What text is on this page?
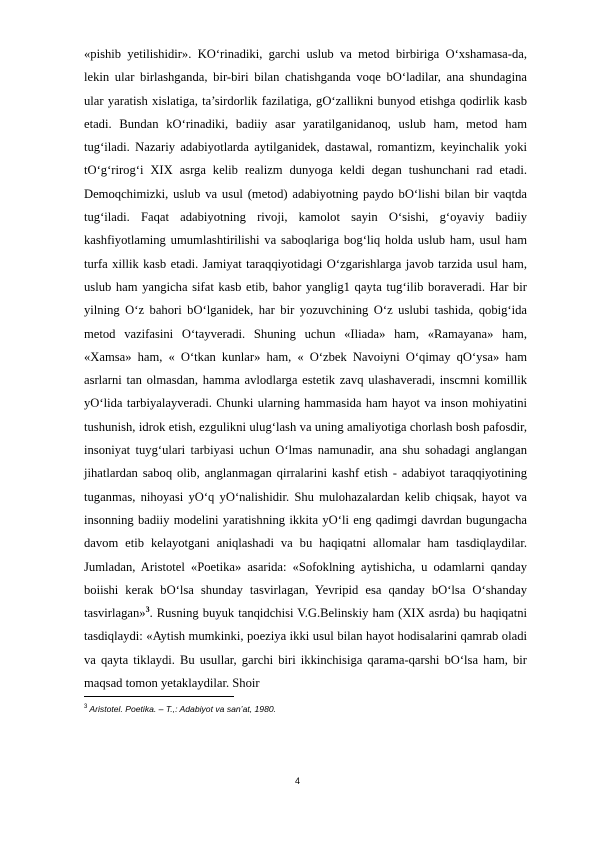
«pishib yetilishidir». KO‘rinadiki, garchi uslub va metod birbiriga O‘xshamasa-da, lekin ular birlashganda, bir-biri bilan chatishganda voqe bO‘ladilar, ana shundagina ular yaratish xislatiga, ta’sirdorlik fazilatiga, gO‘zallikni bunyod etishga qodirlik kasb etadi. Bundan kO‘rinadiki, badiiy asar yaratilganidanoq, uslub ham, metod ham tug‘iladi. Nazariy adabiyotlarda aytilganidek, dastawal, romantizm, keyinchalik yoki tO‘g‘rirog‘i XIX asrga kelib realizm dunyoga keldi degan tushunchani rad etadi. Demoqchimizki, uslub va usul (metod) adabiyotning paydo bO‘lishi bilan bir vaqtda tug‘iladi. Faqat adabiyotning rivoji, kamolot sayin O‘sishi, g‘oyaviy badiiy kashfiyotlaming umumlashtirilishi va saboqlariga bog‘liq holda uslub ham, usul ham turfa xillik kasb etadi. Jamiyat taraqqiyotidagi O‘zgarishlarga javob tarzida usul ham, uslub ham yangicha sifat kasb etib, bahor yanglig1 qayta tug‘ilib boraveradi. Har bir yilning O‘z bahori bO‘lganidek, har bir yozuvchining O‘z uslubi tashida, qobig‘ida metod vazifasini O‘tayveradi. Shuning uchun «Iliada» ham, «Ramayana» ham, «Xamsa» ham, « O‘tkan kunlar» ham, « O‘zbek Navoiyni O‘qimay qO‘ysa» ham asrlarni tan olmasdan, hamma avlodlarga estetik zavq ulashaveradi, inscmni komillik yO‘lida tarbiyalayveradi. Chunki ularning hammasida ham hayot va inson mohiyatini tushunish, idrok etish, ezgulikni ulug‘lash va uning amaliyotiga chorlash bosh pafosdir, insoniyat tuyg‘ulari tarbiyasi uchun O‘lmas namunadir, ana shu sohadagi anglangan jihatlardan saboq olib, anglanmagan qirralarini kashf etish - adabiyot taraqqiyotining tuganmas, nihoyasi yO‘q yO‘nalishidir. Shu mulohazalardan kelib chiqsak, hayot va insonning badiiy modelini yaratishning ikkita yO‘li eng qadimgi davrdan bugungacha davom etib kelayotgani aniqlashadi va bu haqiqatni allomalar ham tasdiqlaydilar. Jumladan, Aristotel «Poetika» asarida: «Sofoklning aytishicha, u odamlarni qanday boiishi kerak bO‘lsa shunday tasvirlagan, Yevripid esa qanday bO‘lsa O‘shanday tasvirlagan»$^3$. Rusning buyuk tanqidchisi V.G.Belinskiy ham (XIX asrda) bu haqiqatni tasdiqlaydi: «Aytish mumkinki, poeziya ikki usul bilan hayot hodisalarini qamrab oladi va qayta tiklaydi. Bu usullar, garchi biri ikkinchisiga qarama-qarshi bO‘lsa ham, bir maqsad tomon yetaklaydilar. Shoir

$^3$ Aristotel. Poetika. – T.,: Adabiyot va san’at, 1980.

4
